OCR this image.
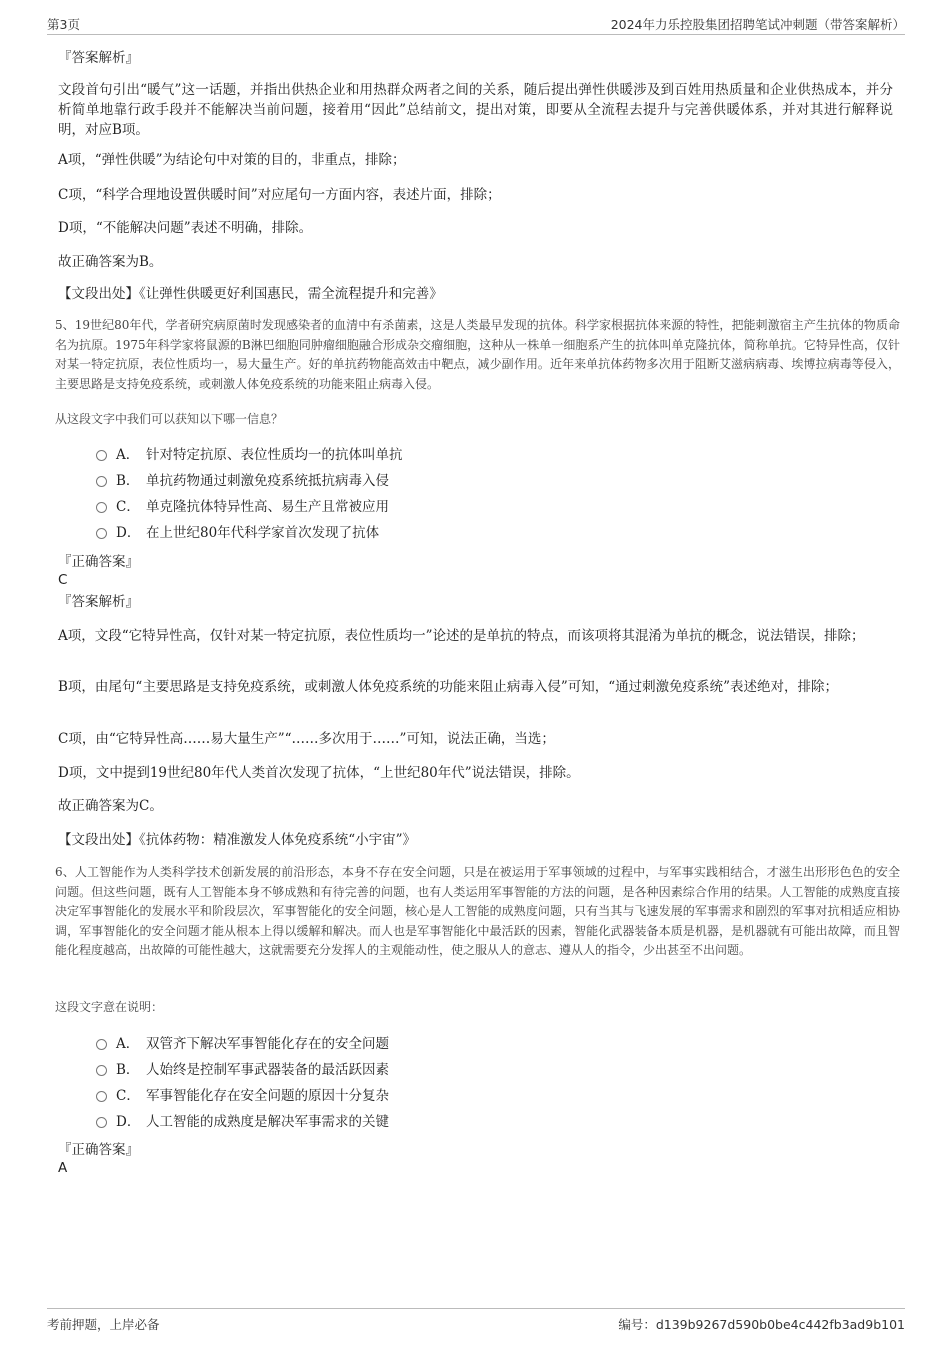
第3页	2024年力乐控股集团招聘笔试冲刺题（带答案解析）

『答案解析』

文段首句引出“暖气”这一话题，并指出供热企业和用热群众两者之间的关系，随后提出弹性供暖涉及到百姓用热质量和企业供热成本，并分析简单地靠行政手段并不能解决当前问题，接着用“因此”总结前文，提出对策，即要从全流程去提升与完善供暖体系，并对其进行解释说明，对应B项。

A项，“弹性供暖”为结论句中对策的目的，非重点，排除；

C项，“科学合理地设置供暖时间”对应尾句一方面内容，表述片面，排除；

D项，“不能解决问题”表述不明确，排除。

故正确答案为B。

【文段出处】《让弹性供暖更好利国惠民，需全流程提升和完善》

5、19世纪80年代，学者研究病原菌时发现感染者的血清中有杀菌素，这是人类最早发现的抗体。科学家根据抗体来源的特性，把能刺激宿主产生抗体的物质命名为抗原。1975年科学家将鼠源的B淋巴细胞同肿瘤细胞融合形成杂交瘤细胞，这种从一株单一细胞系产生的抗体叫单克隆抗体，简称单抗。它特异性高，仅针对某一特定抗原，表位性质均一，易大量生产。好的单抗药物能高效击中靶点，减少副作用。近年来单抗体药物多次用于阻断艾滋病病毒、埃博拉病毒等侵入，主要思路是支持免疫系统，或刺激人体免疫系统的功能来阻止病毒入侵。

从这段文字中我们可以获知以下哪一信息？

A． 针对特定抗原、表位性质均一的抗体叫单抗
B． 单抗药物通过刺激免疫系统抵抗病毒入侵
C． 单克隆抗体特异性高、易生产且常被应用
D． 在上世纪80年代科学家首次发现了抗体

『正确答案』

C

『答案解析』

A项，文段“它特异性高，仅针对某一特定抗原，表位性质均一”论述的是单抗的特点，而该项将其混淆为单抗的概念，说法错误，排除；

B项，由尾句“主要思路是支持免疫系统，或刺激人体免疫系统的功能来阻止病毒入侵”可知，“通过刺激免疫系统”表述绝对，排除；

C项，由“它特异性高……易大量生产”“……多次用于……”可知，说法正确，当选；

D项，文中提到19世纪80年代人类首次发现了抗体，“上世纪80年代”说法错误，排除。

故正确答案为C。

【文段出处】《抗体药物：精准激发人体免疫系统“小宇宙”》

6、人工智能作为人类科学技术创新发展的前沿形态，本身不存在安全问题，只是在被运用于军事领域的过程中，与军事实践相结合，才滋生出形形色色的安全问题。但这些问题，既有人工智能本身不够成熟和有待完善的问题，也有人类运用军事智能的方法的问题，是各种因素综合作用的结果。人工智能的成熟度直接决定军事智能化的发展水平和阶段层次，军事智能化的安全问题，核心是人工智能的成熟度问题，只有当其与飞速发展的军事需求和剧烈的军事对抗相适应相协调，军事智能化的安全问题才能从根本上得以缓解和解决。而人也是军事智能化中最活跃的因素，智能化武器装备本质是机器，是机器就有可能出故障，而且智能化程度越高，出故障的可能性越大，这就需要充分发挥人的主观能动性，使之服从人的意志、遵从人的指令，少出甚至不出问题。

这段文字意在说明：

A． 双管齐下解决军事智能化存在的安全问题
B． 人始终是控制军事武器装备的最活跃因素
C． 军事智能化存在安全问题的原因十分复杂
D． 人工智能的成熟度是解决军事需求的关键

『正确答案』

A

考前押题，上岸必备	编号：d139b9267d590b0be4c442fb3ad9b101
